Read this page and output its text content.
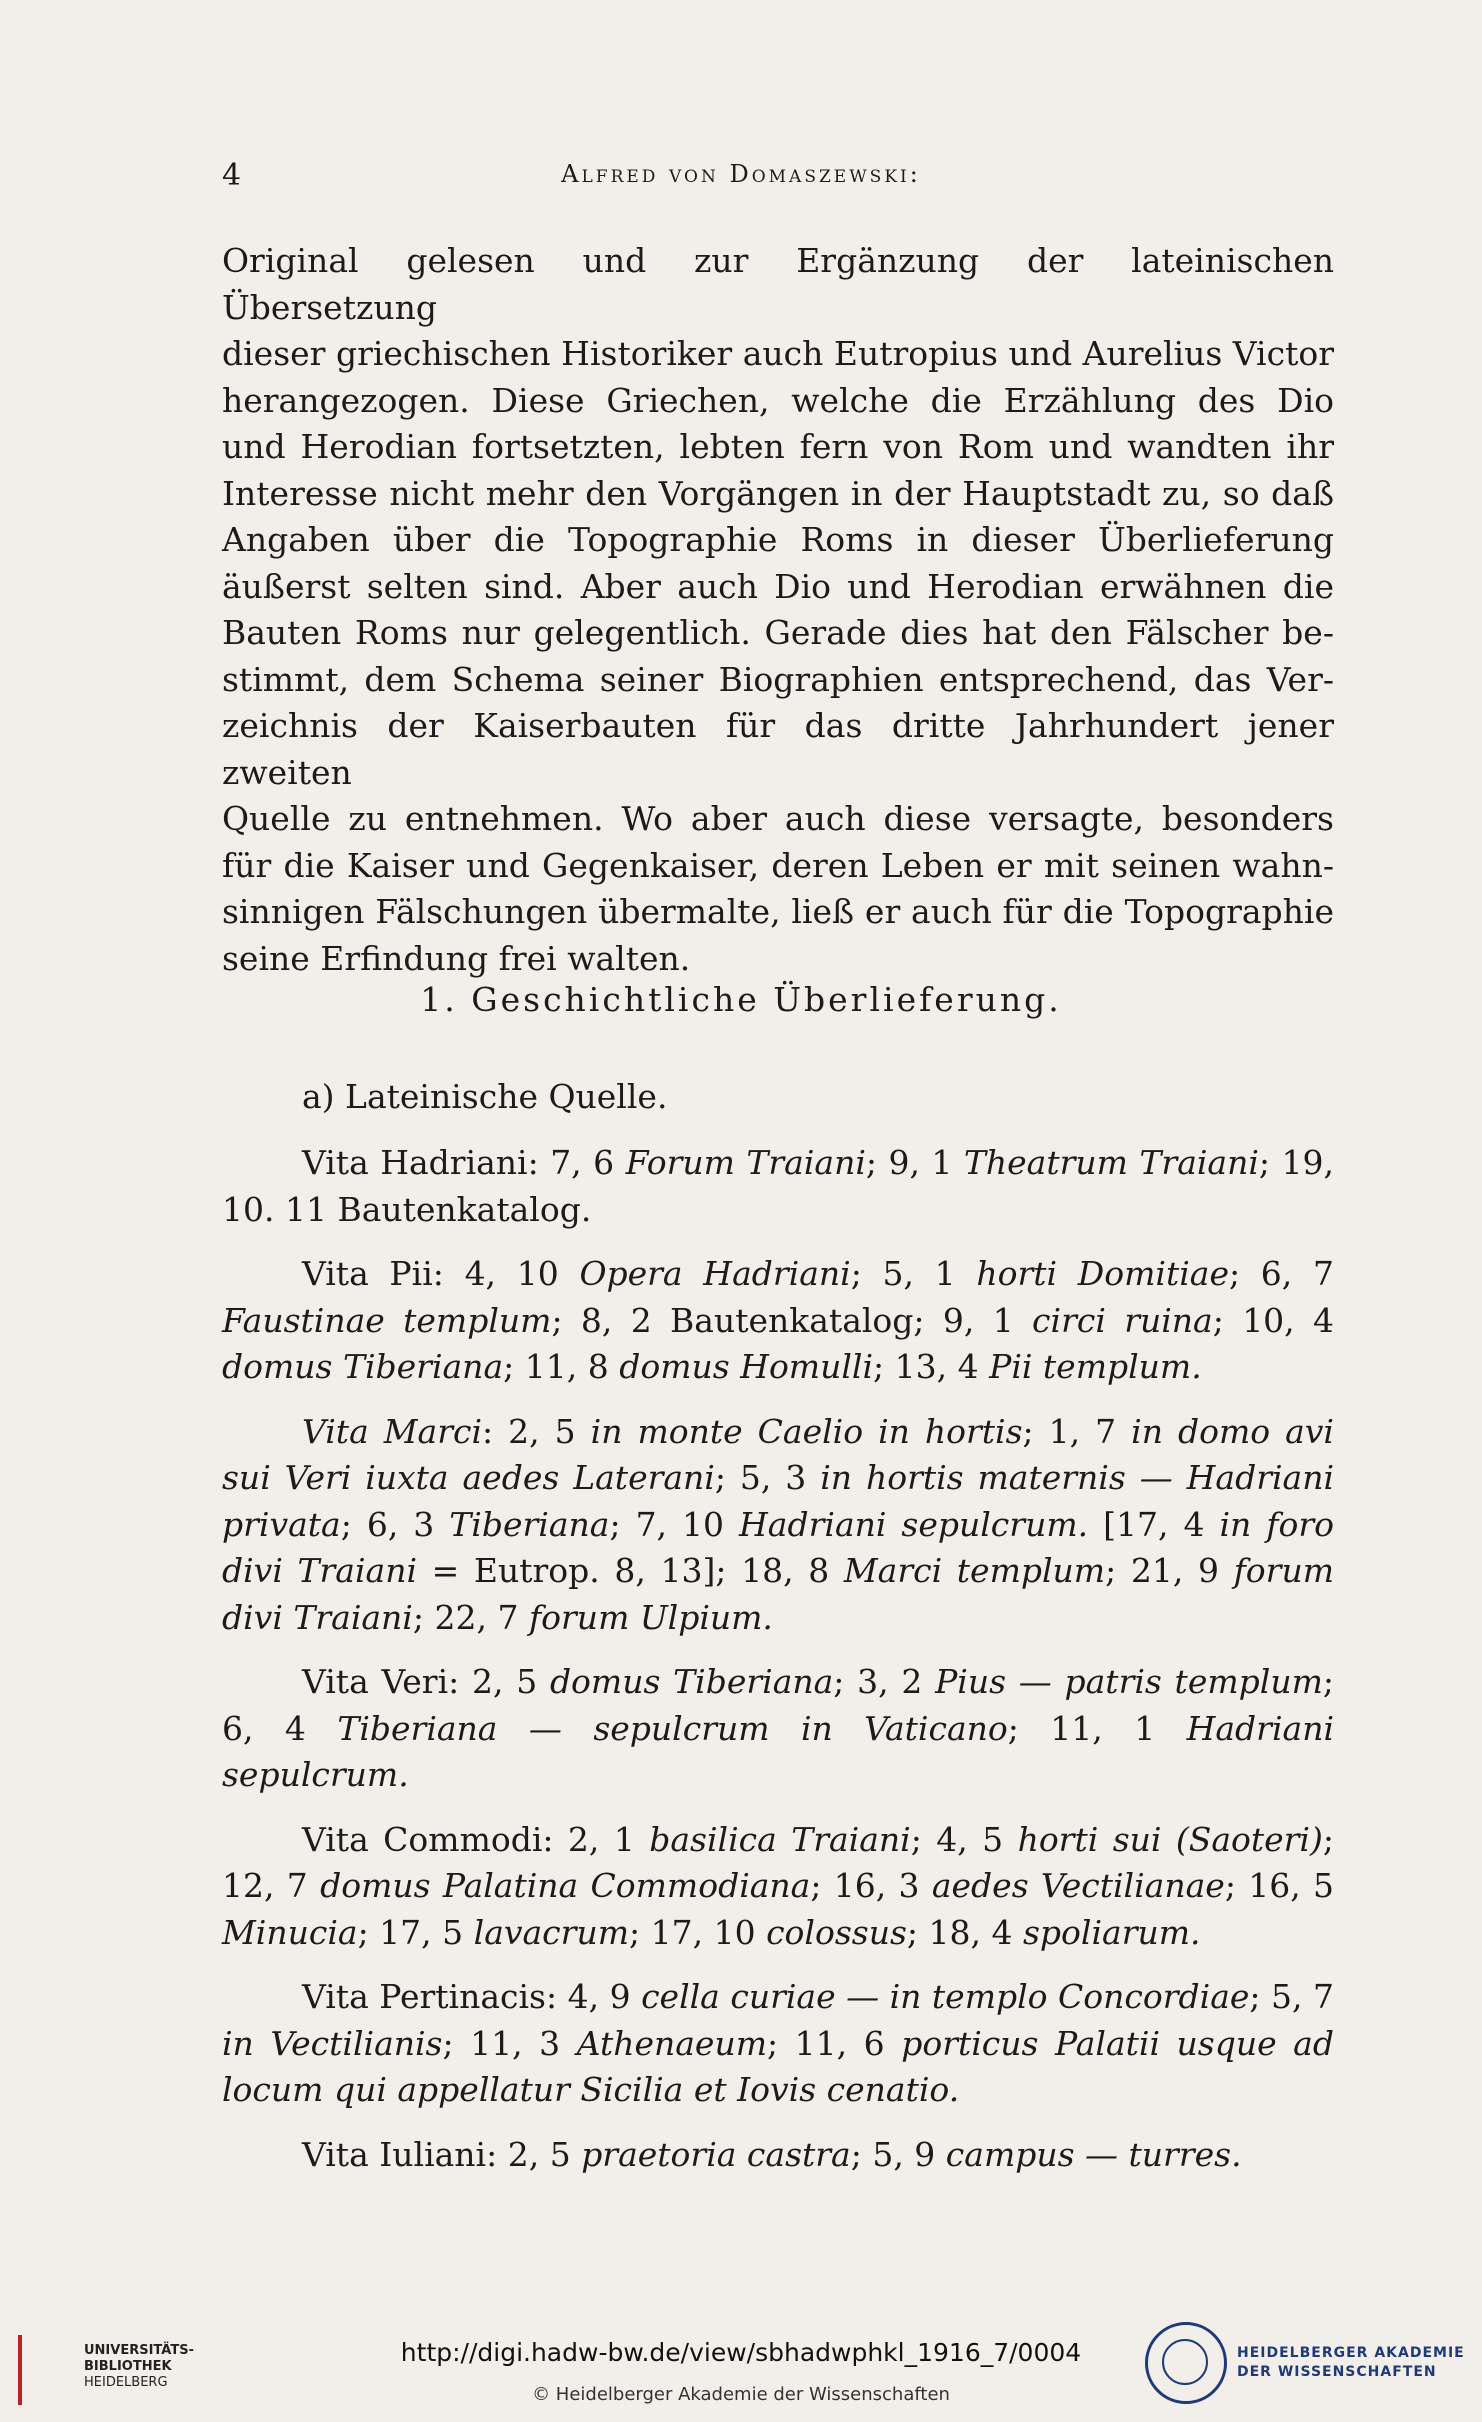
4	Alfred von Domaszewski:

Original gelesen und zur Ergänzung der lateinischen Übersetzung

dieser griechischen Historiker auch Eutropius und Aurelius Victor

herangezogen. Diese Griechen, welche die Erzählung des Dio

und Herodian fortsetzten, lebten fern von Rom und wandten ihr

Interesse nicht mehr den Vorgängen in der Hauptstadt zu, so daß

Angaben über die Topographie Roms in dieser Überlieferung

äußerst selten sind. Aber auch Dio und Herodian erwähnen die

Bauten Roms nur gelegentlich. Gerade dies hat den Fälscher be-

stimmt, dem Schema seiner Biographien entsprechend, das Ver-

zeichnis der Kaiserbauten für das dritte Jahrhundert jener zweiten

Quelle zu entnehmen. Wo aber auch diese versagte, besonders

für die Kaiser und Gegenkaiser, deren Leben er mit seinen wahn-

sinnigen Fälschungen übermalte, ließ er auch für die Topographie

seine Erfindung frei walten.

1. Geschichtliche Überlieferung.
a) Lateinische Quelle.

Vita Hadriani: 7, 6 Forum Traiani; 9, 1 Theatrum Traiani; 19, 10. 11 Bautenkatalog.

Vita Pii: 4, 10 Opera Hadriani; 5, 1 horti Domitiae; 6, 7 Faustinae templum; 8, 2 Bautenkatalog; 9, 1 circi ruina; 10, 4 domus Tiberiana; 11, 8 domus Homulli; 13, 4 Pii templum.

Vita Marci: 2, 5 in monte Caelio in hortis; 1, 7 in domo avi sui Veri iuxta aedes Laterani; 5, 3 in hortis maternis — Hadriani privata; 6, 3 Tiberiana; 7, 10 Hadriani sepulcrum. [17, 4 in foro divi Traiani = Eutrop. 8, 13]; 18, 8 Marci templum; 21, 9 forum divi Traiani; 22, 7 forum Ulpium.

Vita Veri: 2, 5 domus Tiberiana; 3, 2 Pius — patris templum; 6, 4 Tiberiana — sepulcrum in Vaticano; 11, 1 Hadriani sepulcrum.

Vita Commodi: 2, 1 basilica Traiani; 4, 5 horti sui (Saoteri); 12, 7 domus Palatina Commodiana; 16, 3 aedes Vectilianae; 16, 5 Minucia; 17, 5 lavacrum; 17, 10 colossus; 18, 4 spoliarum.

Vita Pertinacis: 4, 9 cella curiae — in templo Concordiae; 5, 7 in Vectilianis; 11, 3 Athenaeum; 11, 6 porticus Palatii usque ad locum qui appellatur Sicilia et Iovis cenatio.

Vita Iuliani: 2, 5 praetoria castra; 5, 9 campus — turres.

UNIVERSITÄTS-
BIBLIOTHEK
HEIDELBERG
http://digi.hadw-bw.de/view/sbhadwphkl_1916_7/0004
© Heidelberger Akademie der Wissenschaften
HEIDELBERGER AKADEMIE
DER WISSENSCHAFTEN
